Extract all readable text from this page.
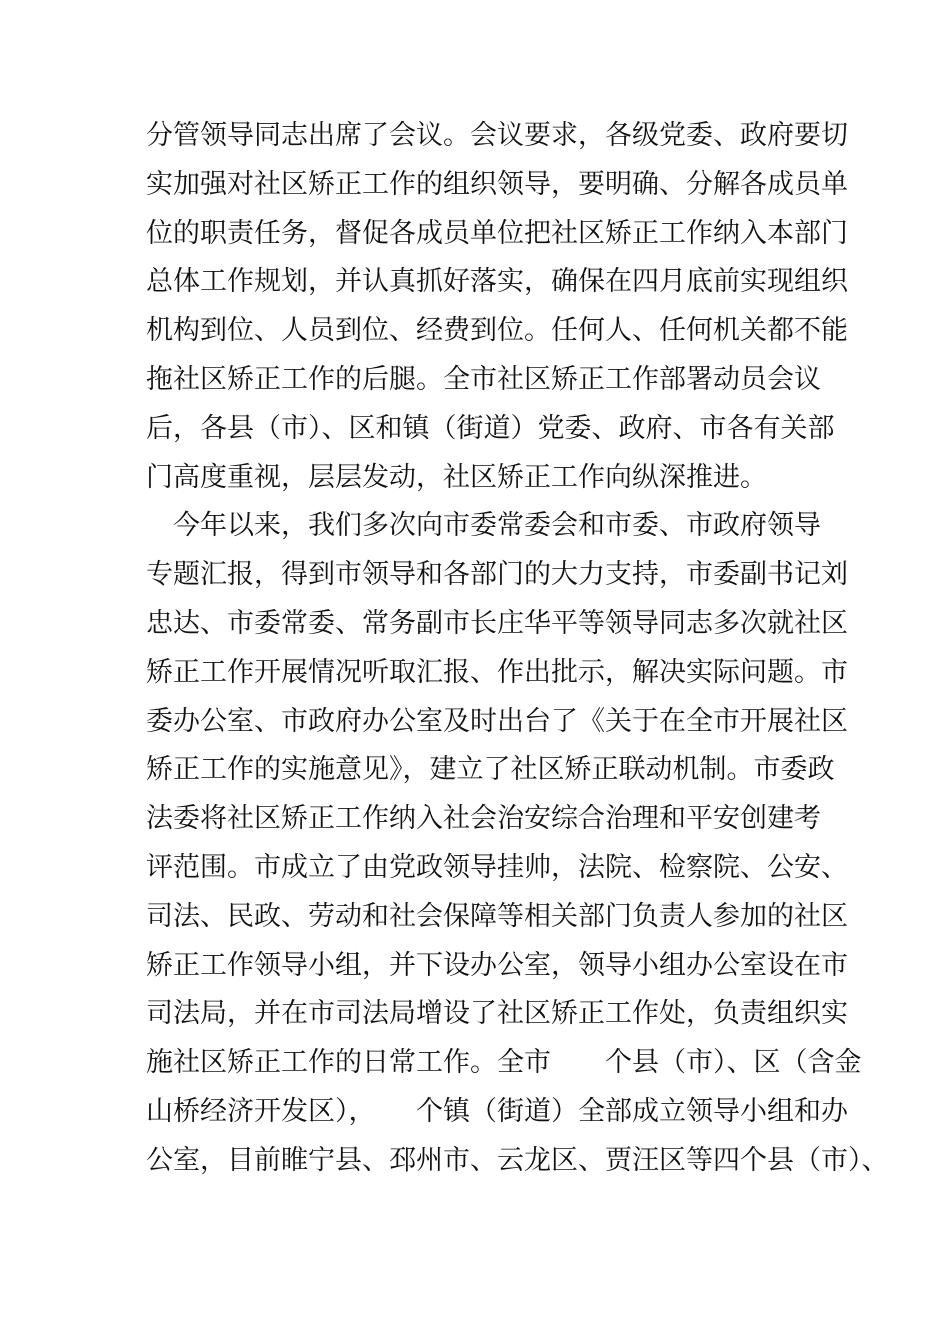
分管领导同志出席了会议。会议要求，各级党委、政府要切
实加强对社区矫正工作的组织领导，要明确、分解各成员单
位的职责任务，督促各成员单位把社区矫正工作纳入本部门
总体工作规划，并认真抓好落实，确保在四月底前实现组织
机构到位、人员到位、经费到位。任何人、任何机关都不能
拖社区矫正工作的后腿。全市社区矫正工作部署动员会议
后，各县（市）、区和镇（街道）党委、政府、市各有关部
门高度重视，层层发动，社区矫正工作向纵深推进。
　今年以来，我们多次向市委常委会和市委、市政府领导
专题汇报，得到市领导和各部门的大力支持，市委副书记刘
忠达、市委常委、常务副市长庄华平等领导同志多次就社区
矫正工作开展情况听取汇报、作出批示，解决实际问题。市
委办公室、市政府办公室及时出台了《关于在全市开展社区
矫正工作的实施意见》，建立了社区矫正联动机制。市委政
法委将社区矫正工作纳入社会治安综合治理和平安创建考
评范围。市成立了由党政领导挂帅，法院、检察院、公安、
司法、民政、劳动和社会保障等相关部门负责人参加的社区
矫正工作领导小组，并下设办公室，领导小组办公室设在市
司法局，并在市司法局增设了社区矫正工作处，负责组织实
施社区矫正工作的日常工作。全市　　个县（市）、区（含金
山桥经济开发区），　　个镇（街道）全部成立领导小组和办
公室，目前睢宁县、邳州市、云龙区、贾汪区等四个县（市）、
